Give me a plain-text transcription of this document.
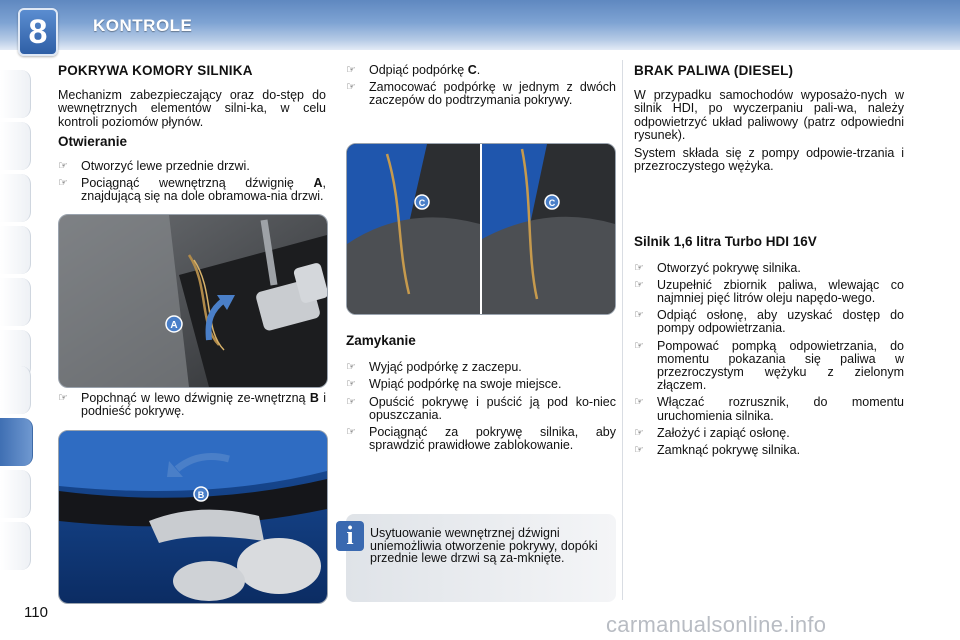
8	KONTROLE
POKRYWA KOMORY SILNIKA

Mechanizm zabezpieczający oraz do-stęp do wewnętrznych elementów silni-ka, w celu kontroli poziomów płynów.

Otwieranie
☞ Otworzyć lewe przednie drzwi.
☞ Pociągnąć wewnętrzną dźwignię A, znajdującą się na dole obramowa-nia drzwi.
A
☞ Popchnąć w lewo dźwignię ze-wnętrzną B i podnieść pokrywę.
B
☞ Odpiąć podpórkę C.
☞ Zamocować podpórkę w jednym z dwóch zaczepów do podtrzymania pokrywy.
C	C
Zamykanie
☞ Wyjąć podpórkę z zaczepu.
☞ Wpiąć podpórkę na swoje miejsce.
☞ Opuścić pokrywę i puścić ją pod ko-niec opuszczania.
☞ Pociągnąć za pokrywę silnika, aby sprawdzić prawidłowe zablokowanie.
i	Usytuowanie wewnętrznej dźwigni uniemożliwia otworzenie pokrywy, dopóki przednie lewe drzwi są za-mknięte.
BRAK PALIWA (DIESEL)

W przypadku samochodów wyposażo-nych w silnik HDI, po wyczerpaniu pali-wa, należy odpowietrzyć układ paliwowy (patrz odpowiedni rysunek).

System składa się z pompy odpowie-trzania i przezroczystego wężyka.

Silnik 1,6 litra Turbo HDI 16V
☞ Otworzyć pokrywę silnika.
☞ Uzupełnić zbiornik paliwa, wlewając co najmniej pięć litrów oleju napędo-wego.
☞ Odpiąć osłonę, aby uzyskać dostęp do pompy odpowietrzania.
☞ Pompować pompką odpowietrzania, do momentu pokazania się paliwa w przezroczystym wężyku z zielonym złączem.
☞ Włączać rozrusznik, do momentu uruchomienia silnika.
☞ Założyć i zapiąć osłonę.
☞ Zamknąć pokrywę silnika.
110	carmanualsonline.info
